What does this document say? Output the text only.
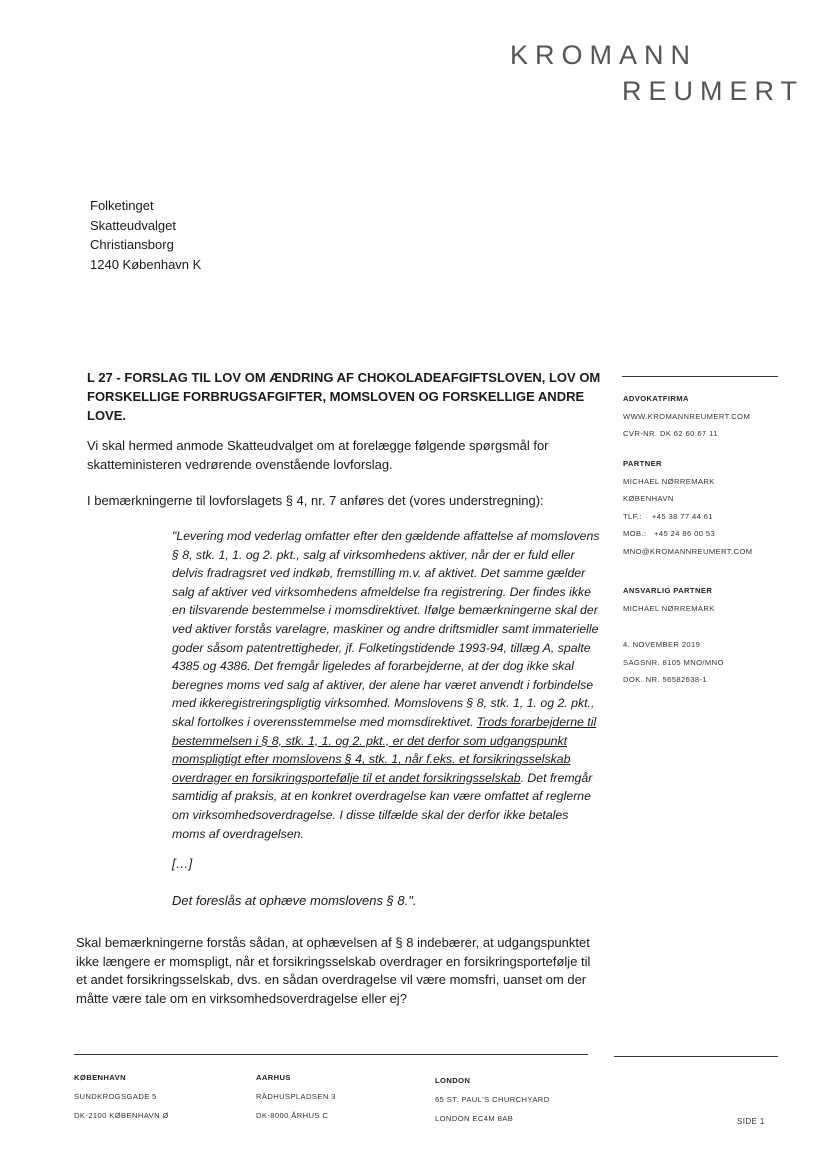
KROMANN
REUMERT
Folketinget
Skatteudvalget
Christiansborg
1240 København K
L 27 - FORSLAG TIL LOV OM ÆNDRING AF CHOKOLADEAFGIFTSLOVEN, LOV OM FORSKELLIGE FORBRUGSAFGIFTER, MOMSLOVEN OG FORSKELLIGE ANDRE LOVE.
Vi skal hermed anmode Skatteudvalget om at forelægge følgende spørgsmål for skatteministeren vedrørende ovenstående lovforslag.
I bemærkningerne til lovforslagets § 4, nr. 7 anføres det (vores understregning):
"Levering mod vederlag omfatter efter den gældende affattelse af momslovens § 8, stk. 1, 1. og 2. pkt., salg af virksomhedens aktiver, når der er fuld eller delvis fradragsret ved indkøb, fremstilling m.v. af aktivet. Det samme gælder salg af aktiver ved virksomhedens afmeldelse fra registrering. Der findes ikke en tilsvarende bestemmelse i momsdirektivet. Ifølge bemærkningerne skal der ved aktiver forstås varelagre, maskiner og andre driftsmidler samt immaterielle goder såsom patentrettigheder, jf. Folketingstidende 1993-94, tillæg A, spalte 4385 og 4386. Det fremgår ligeledes af forarbejderne, at der dog ikke skal beregnes moms ved salg af aktiver, der alene har været anvendt i forbindelse med ikkeregistreringspligtig virksomhed. Momslovens § 8, stk. 1, 1. og 2. pkt., skal fortolkes i overensstemmelse med momsdirektivet. Trods forarbejderne til bestemmelsen i § 8, stk. 1, 1. og 2. pkt., er det derfor som udgangspunkt momspligtigt efter momslovens § 4, stk. 1, når f.eks. et forsikringsselskab overdrager en forsikringsportefølje til et andet forsikringsselskab. Det fremgår samtidig af praksis, at en konkret overdragelse kan være omfattet af reglerne om virksomhedsoverdragelse. I disse tilfælde skal der derfor ikke betales moms af overdragelsen.
[…]
Det foreslås at ophæve momslovens § 8.".
Skal bemærkningerne forstås sådan, at ophævelsen af § 8 indebærer, at udgangspunktet ikke længere er momspligt, når et forsikringsselskab overdrager en forsikringsportefølje til et andet forsikringsselskab, dvs. en sådan overdragelse vil være momsfri, uanset om der måtte være tale om en virksomhedsoverdragelse eller ej?
ADVOKATFIRMA
WWW.KROMANNREUMERT.COM
CVR-NR. DK 62 60 67 11
PARTNER
MICHAEL NØRREMARK
KØBENHAVN
TLF.:    +45 38 77 44 61
MOB.:   +45 24 86 00 53
MNO@KROMANNREUMERT.COM
ANSVARLIG PARTNER
MICHAEL NØRREMARK
4. NOVEMBER 2019
SAGSNR. 8105 MNO/MNO
DOK. NR. 56582638-1
KØBENHAVN
SUNDKROGSGADE 5
DK-2100 KØBENHAVN Ø
AARHUS
RÅDHUSPLADSEN 3
DK-8000 ÅRHUS C
LONDON
65 ST. PAUL'S CHURCHYARD
LONDON EC4M 8AB	SIDE 1
